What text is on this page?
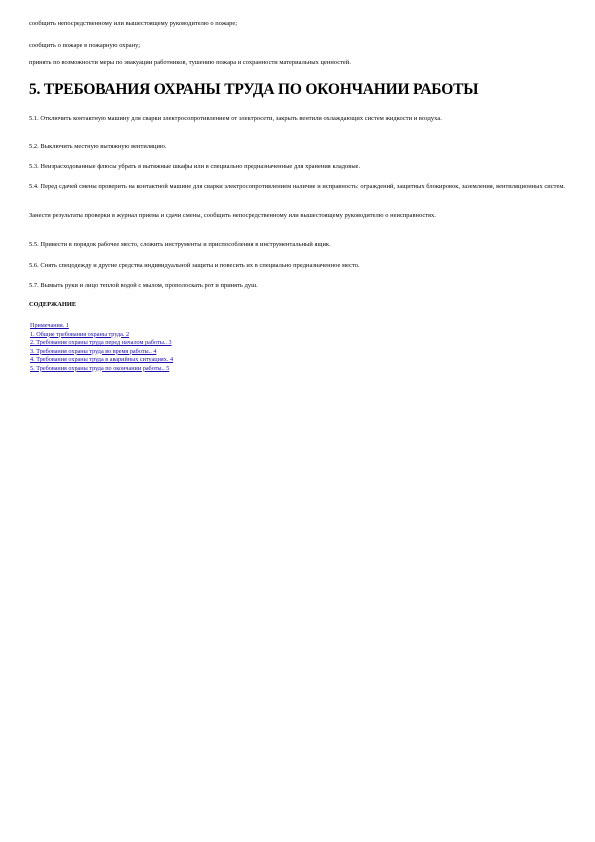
сообщить непосредственному или вышестоящему руководителю о пожаре;

сообщить о пожаре в пожарную охрану;

принять по возможности меры по эвакуации работников, тушению пожара и сохранности материальных ценностей.

5. ТРЕБОВАНИЯ ОХРАНЫ ТРУДА ПО ОКОНЧАНИИ РАБОТЫ

5.1. Отключить контактную машину для сварки электросопротивлением от электросети, закрыть вентили охлаждающих систем жидкости и воздуха.

5.2. Выключить местную вытяжную вентиляцию.

5.3. Неизрасходованные флюсы убрать в вытяжные шкафы или в специально предназначенные для хранения кладовые.

5.4. Перед сдачей смены проверить на контактной машине для сварки электросопротивлением наличие и исправность: ограждений, защитных блокировок, заземления, вентиляционных систем.

Занести результаты проверки в журнал приема и сдачи смены, сообщить непосредственному или вышестоящему руководителю о неисправностях.

5.5. Привести в порядок рабочее место, сложить инструменты и приспособления в инструментальный ящик.

5.6. Снять спецодежду и другие средства индивидуальной защиты и повесить их в специально предназначенное место.

5.7. Вымыть руки и лицо теплой водой с мылом, прополоскать рот и принять душ.

СОДЕРЖАНИЕ

Примечания. 1
1. Общие требования охраны труда. 2
2. Требования охраны труда перед началом работы.. 3
3. Требования охраны труда во время работы.. 4
4. Требования охраны труда в аварийных ситуациях. 4
5. Требования охраны труда по окончании работы.. 5
